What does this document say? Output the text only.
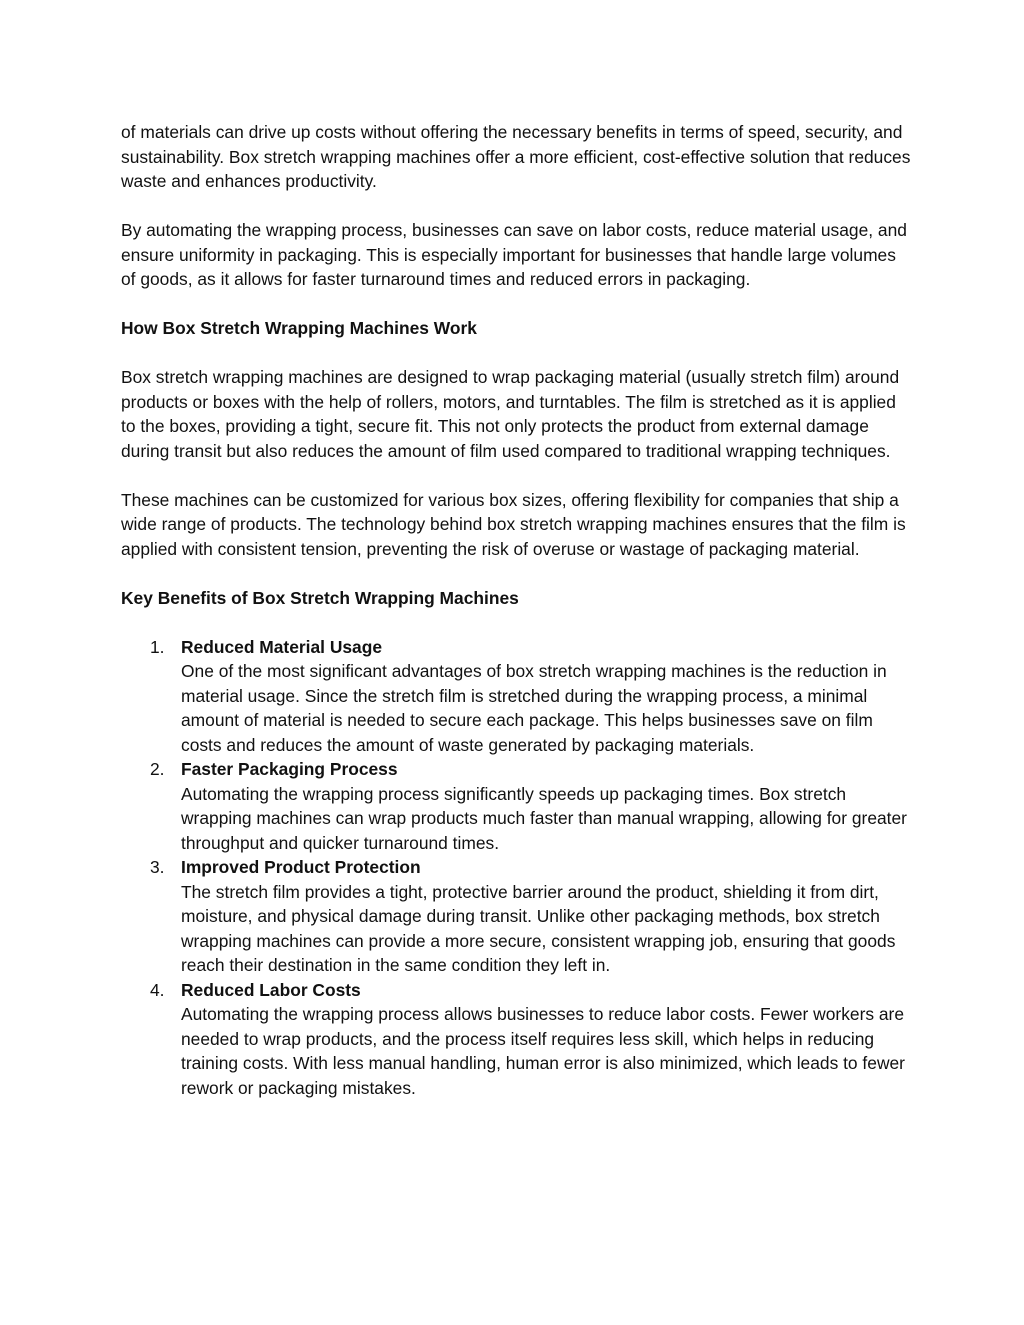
of materials can drive up costs without offering the necessary benefits in terms of speed, security, and sustainability. Box stretch wrapping machines offer a more efficient, cost-effective solution that reduces waste and enhances productivity.

By automating the wrapping process, businesses can save on labor costs, reduce material usage, and ensure uniformity in packaging. This is especially important for businesses that handle large volumes of goods, as it allows for faster turnaround times and reduced errors in packaging.

How Box Stretch Wrapping Machines Work

Box stretch wrapping machines are designed to wrap packaging material (usually stretch film) around products or boxes with the help of rollers, motors, and turntables. The film is stretched as it is applied to the boxes, providing a tight, secure fit. This not only protects the product from external damage during transit but also reduces the amount of film used compared to traditional wrapping techniques.

These machines can be customized for various box sizes, offering flexibility for companies that ship a wide range of products. The technology behind box stretch wrapping machines ensures that the film is applied with consistent tension, preventing the risk of overuse or wastage of packaging material.

Key Benefits of Box Stretch Wrapping Machines

1. Reduced Material Usage
One of the most significant advantages of box stretch wrapping machines is the reduction in material usage. Since the stretch film is stretched during the wrapping process, a minimal amount of material is needed to secure each package. This helps businesses save on film costs and reduces the amount of waste generated by packaging materials.
2. Faster Packaging Process
Automating the wrapping process significantly speeds up packaging times. Box stretch wrapping machines can wrap products much faster than manual wrapping, allowing for greater throughput and quicker turnaround times.
3. Improved Product Protection
The stretch film provides a tight, protective barrier around the product, shielding it from dirt, moisture, and physical damage during transit. Unlike other packaging methods, box stretch wrapping machines can provide a more secure, consistent wrapping job, ensuring that goods reach their destination in the same condition they left in.
4. Reduced Labor Costs
Automating the wrapping process allows businesses to reduce labor costs. Fewer workers are needed to wrap products, and the process itself requires less skill, which helps in reducing training costs. With less manual handling, human error is also minimized, which leads to fewer rework or packaging mistakes.
